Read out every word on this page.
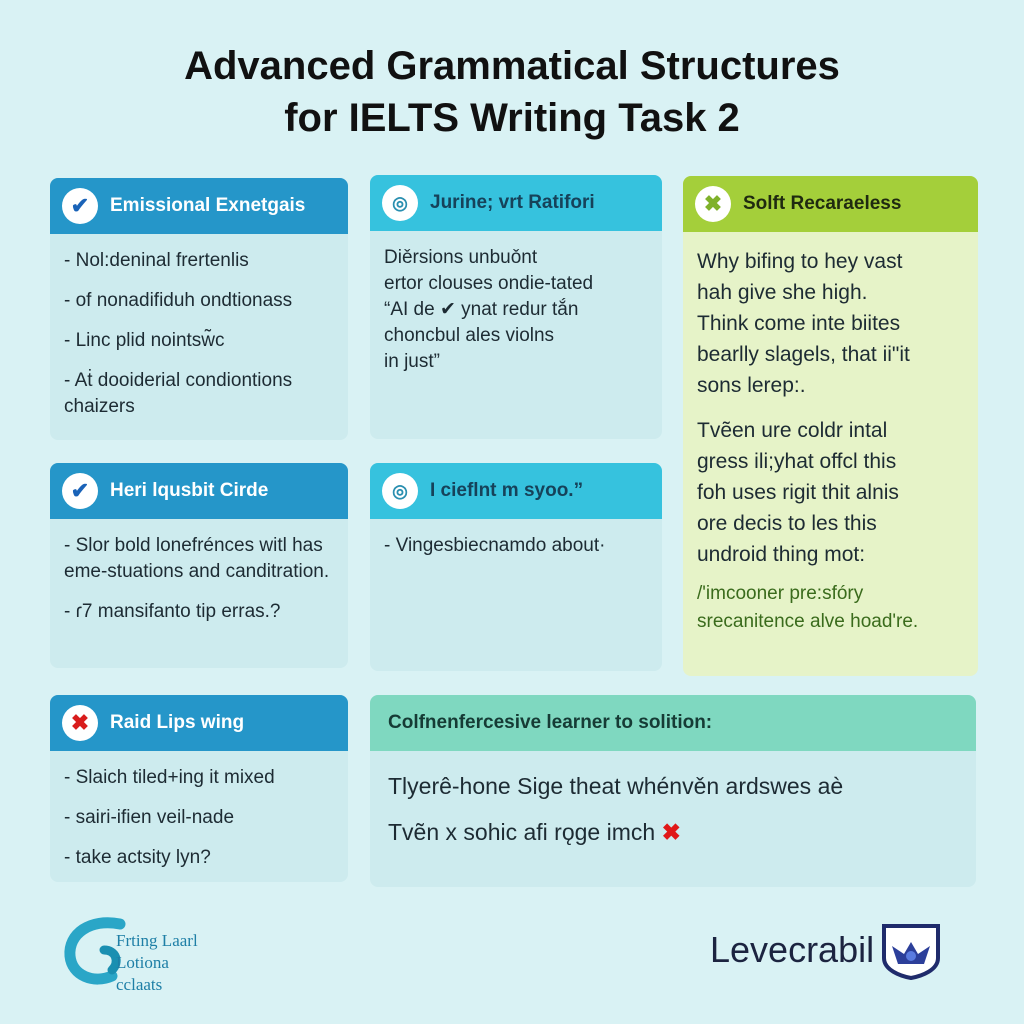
Advanced Grammatical Structures
for IELTS Writing Task 2
✔	Emissional Exnetgais
- Nol:deninal frertenlis
- of nonadifiduh ondtionass
- Linc plid nointsw̃c
- Aṫ dooiderial condiontions chaizers
◎	Jurine; vrt Ratifori
Diěrsions unbuǒnt
ertor clouses ondie-tated
“AI de ✔ ynat redur tắn
choncbul ales violns
in just”
✖	Solft Recaraeless
Why bifing to hey vast
hah give she high.
Think come inte biites
bearlly slagels, that ii"it
sons lerep:.
Tvẽen ure coldr intal
gress ili;yhat offcl this
foh uses rigit thit alnis
ore decis to les this
undroid thing mot:
/'imcooner pre:sfóry
srecanitence alve hoad're.
✔	Heri lqusbit Cirde
- Slor bold lonefrénces witl has eme-stuations and canditration.
- ɾ7 mansifanto tip erras.?
◎	I cieflnt m syoo.”
- Vingesbiecnamdo about·
✖	Raid Lips wing
- Slaich tiled+ing it mixed
- sairi-ifien veil-nade
- take actsity lyn?
Colfnenfercesive learner to solition:
Tlyerê-hone Sige theat whénvěn ardswes aè
Tvẽn x sohic afi rǫge imch ✖
Frting Laarl
Lotiona
cclaats
Levecrabil
